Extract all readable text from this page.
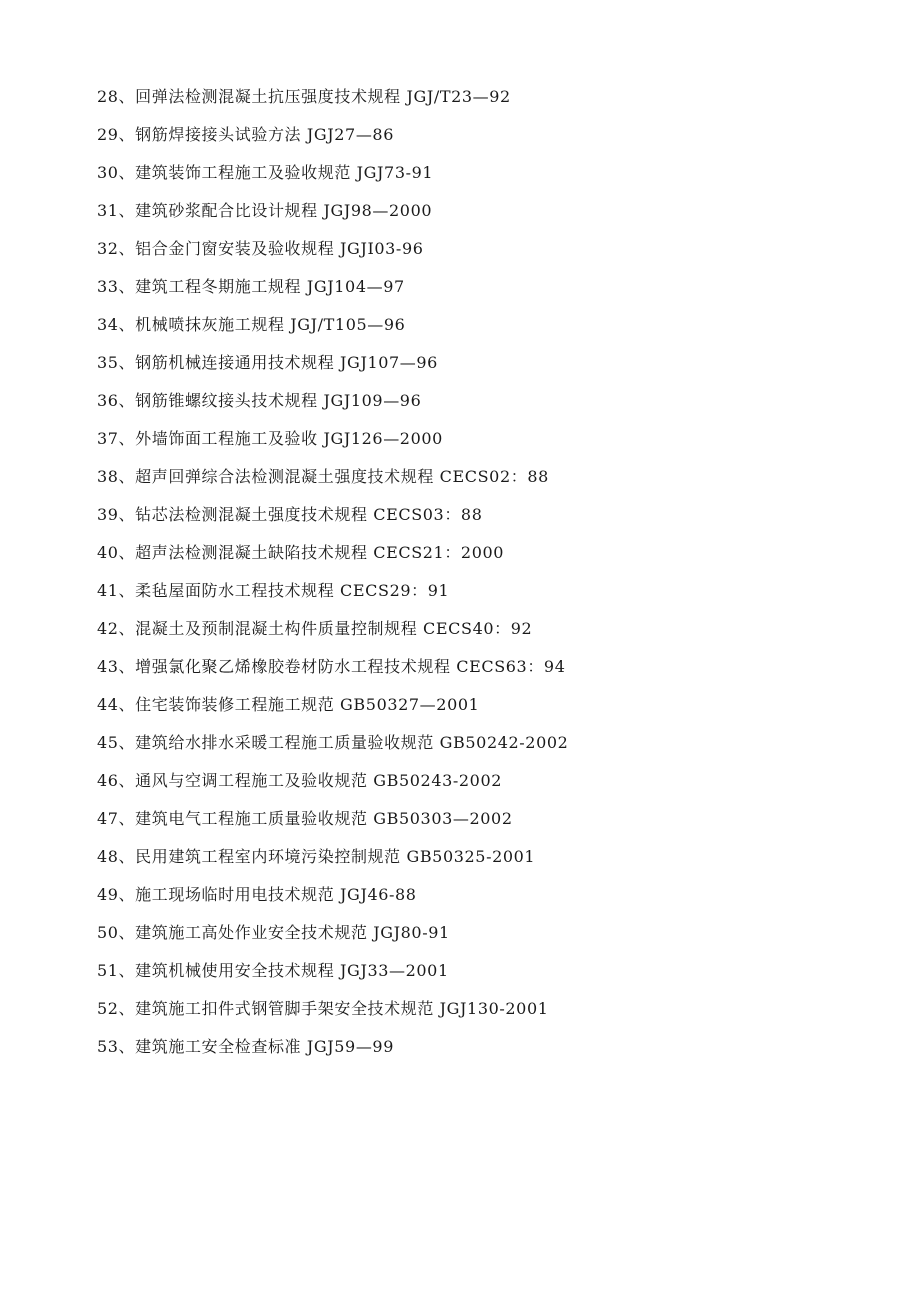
28、回弹法检测混凝土抗压强度技术规程 JGJ/T23—92
29、钢筋焊接接头试验方法 JGJ27—86
30、建筑装饰工程施工及验收规范 JGJ73-91
31、建筑砂浆配合比设计规程 JGJ98—2000
32、铝合金门窗安装及验收规程 JGJI03-96
33、建筑工程冬期施工规程 JGJ104—97
34、机械喷抹灰施工规程 JGJ/T105—96
35、钢筋机械连接通用技术规程 JGJ107—96
36、钢筋锥螺纹接头技术规程 JGJ109—96
37、外墙饰面工程施工及验收 JGJ126—2000
38、超声回弹综合法检测混凝土强度技术规程 CECS02：88
39、钻芯法检测混凝土强度技术规程 CECS03：88
40、超声法检测混凝土缺陷技术规程 CECS21：2000
41、柔毡屋面防水工程技术规程 CECS29：91
42、混凝土及预制混凝土构件质量控制规程 CECS40：92
43、增强氯化聚乙烯橡胶卷材防水工程技术规程 CECS63：94
44、住宅装饰装修工程施工规范 GB50327—2001
45、建筑给水排水采暖工程施工质量验收规范 GB50242-2002
46、通风与空调工程施工及验收规范 GB50243-2002
47、建筑电气工程施工质量验收规范 GB50303—2002
48、民用建筑工程室内环境污染控制规范 GB50325-2001
49、施工现场临时用电技术规范 JGJ46-88
50、建筑施工高处作业安全技术规范 JGJ80-91
51、建筑机械使用安全技术规程 JGJ33—2001
52、建筑施工扣件式钢管脚手架安全技术规范 JGJ130-2001
53、建筑施工安全检查标准 JGJ59—99
